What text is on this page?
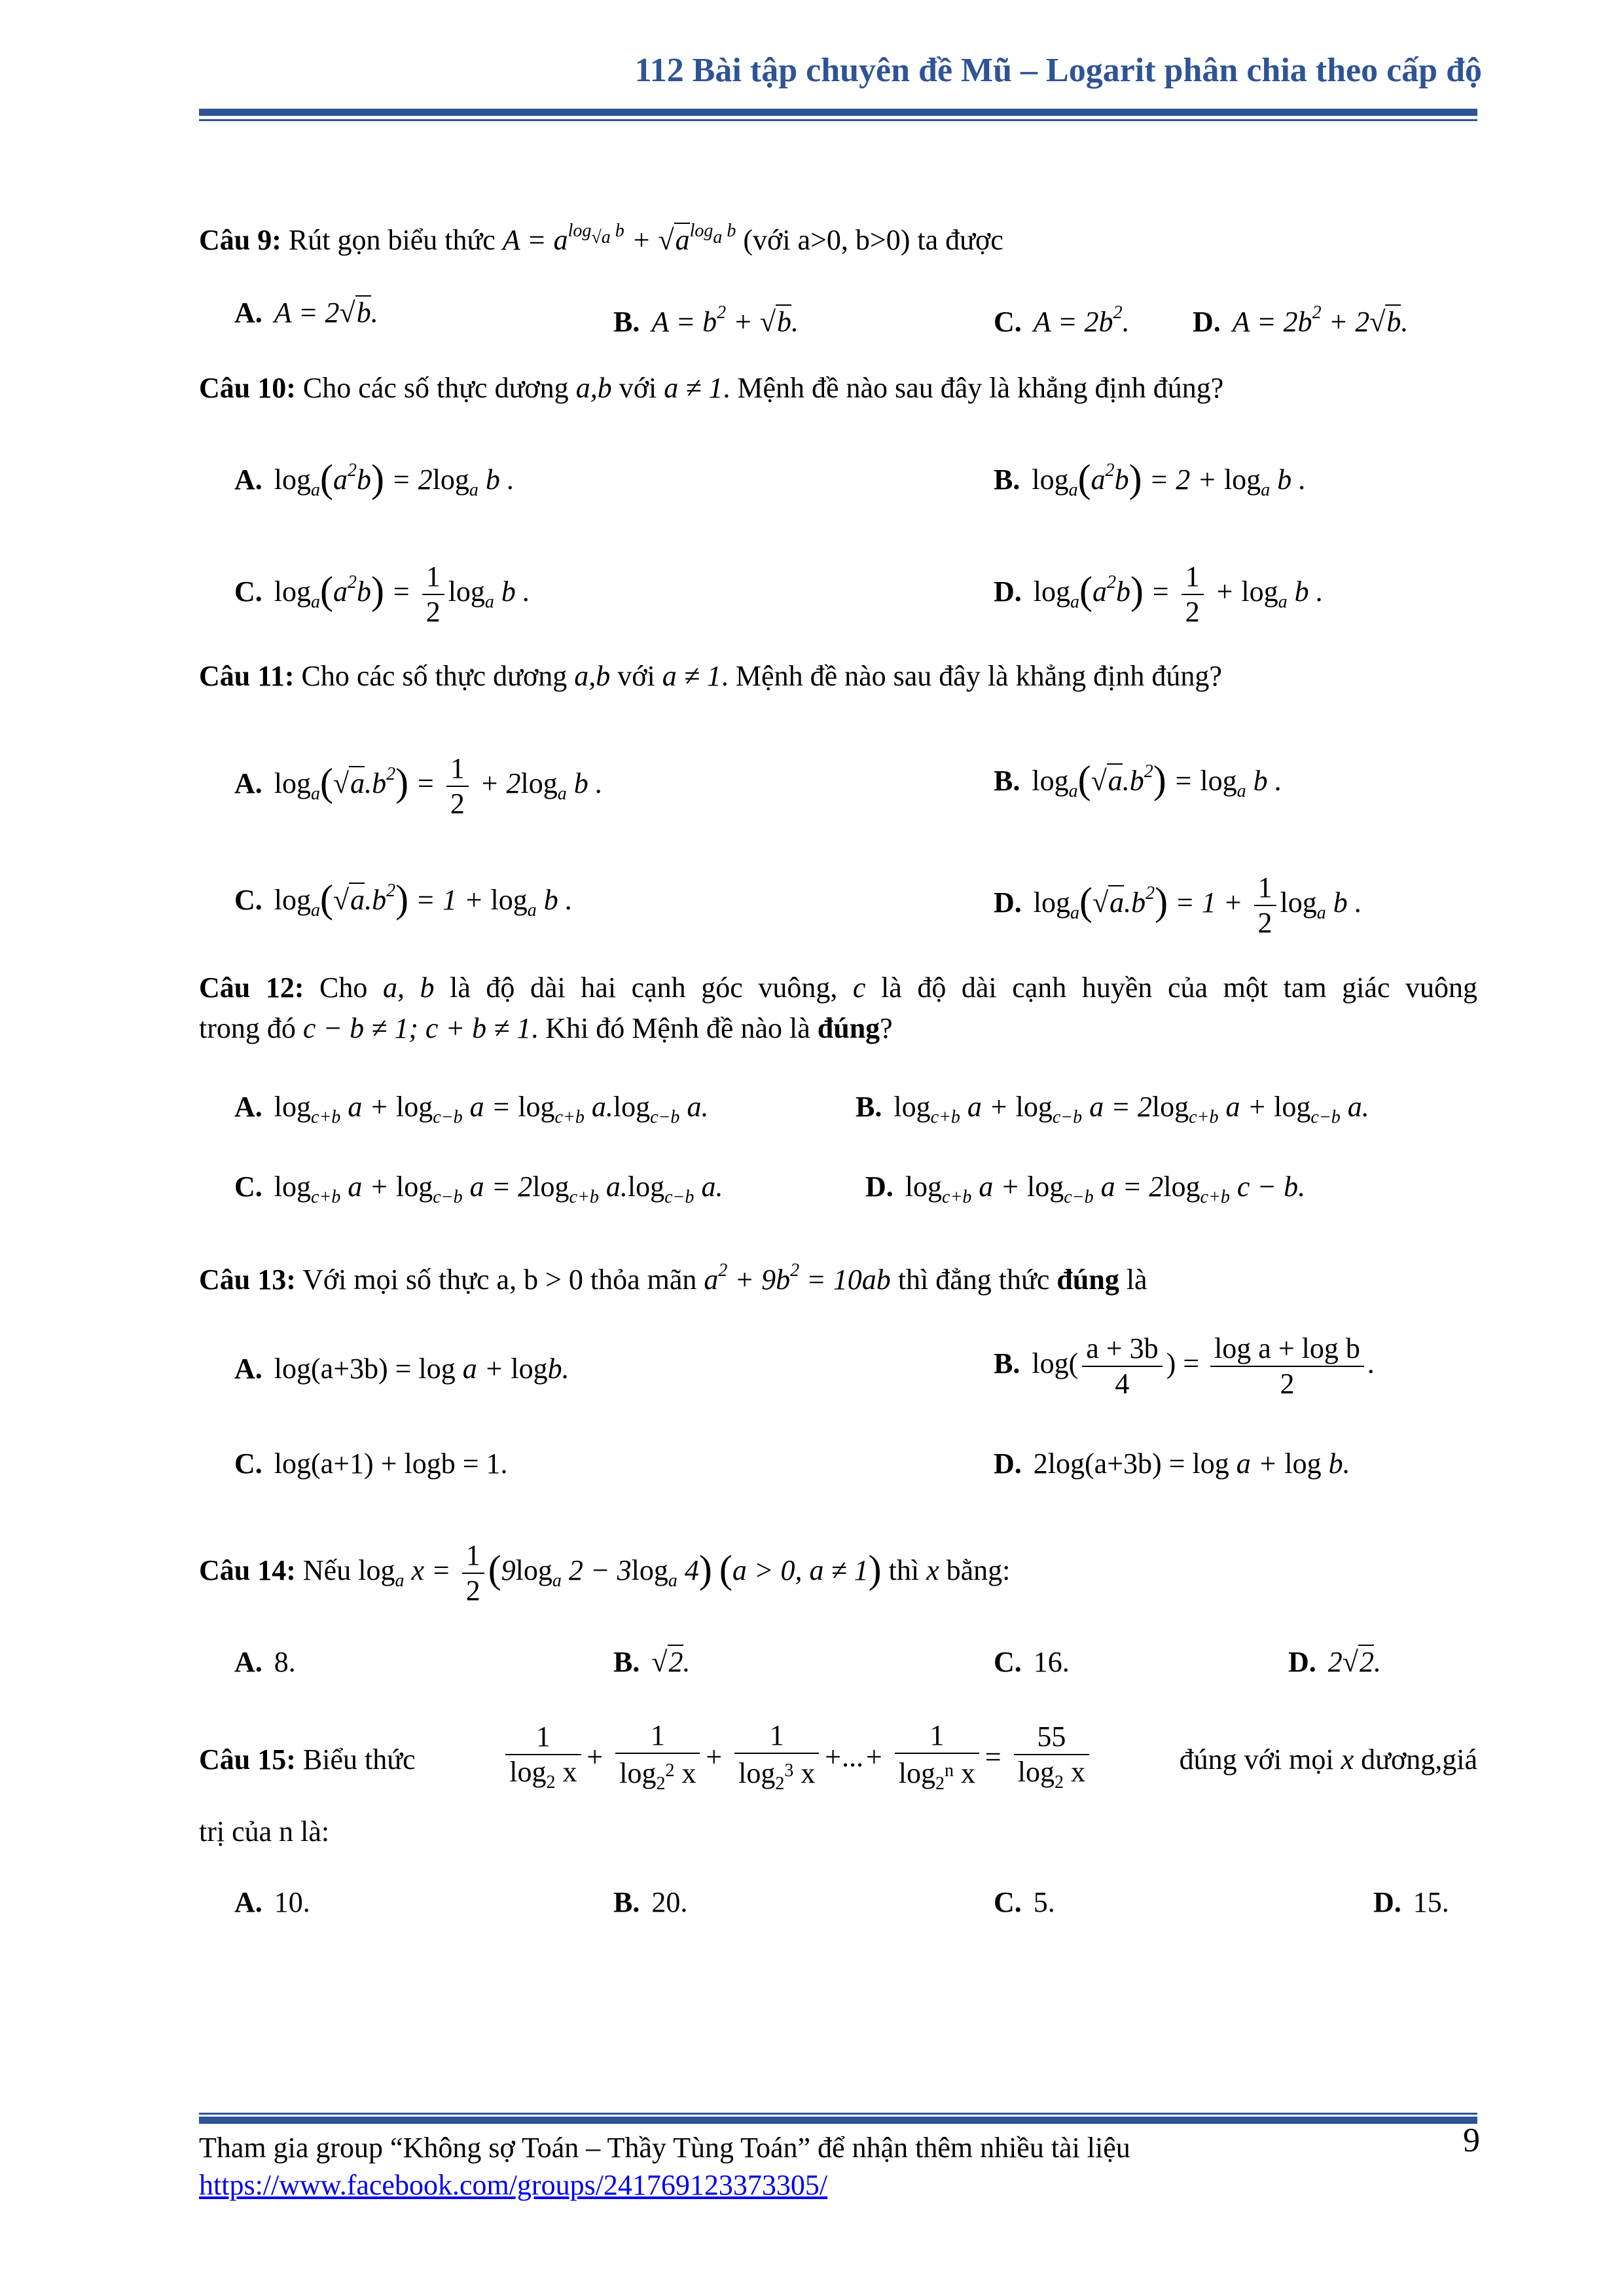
112 Bài tập chuyên đề Mũ – Logarit phân chia theo cấp độ
Câu 9: Rút gọn biểu thức $A = a^{log_{√a} b} + √a^{log_a b}$ (với a>0, b>0) ta được
A. A = 2√b.	B. $A = b^2 + √b$.	C. $A = 2b^2$. D. $A = 2b^2 + 2√b$.
Câu 10: Cho các số thực dương a,b với a ≠ 1. Mệnh đề nào sau đây là khẳng định đúng?
A. $\log_a(a^2b) = 2\log_a$ b .	B. $\log_a(a^2b) = 2 + \log_a b$ .
C. $\log_a(a^2b) = \frac{1}{2} \log_a b$ .	D. $\log_a(a^2b) = \frac{1}{2} + \log_a b$ .
Câu 11: Cho các số thực dương a,b với a ≠ 1. Mệnh đề nào sau đây là khẳng định đúng?
A. $\log_a(√a.b^2) = \frac{1}{2} + 2\log_a$ b .	B. $\log_a(√a.b^2) = \log_a b$ .
C. $\log_a(√a.b^2) = 1 + \log_a b$ .	D. $\log_a(√a.b^2) = 1 + \frac{1}{2} \log_a b$ .
Câu 12: Cho a, b là độ dài hai cạnh góc vuông, c là độ dài cạnh huyền của một tam giác vuông
trong đó c − b ≠ 1; c + b ≠ 1. Khi đó Mệnh đề nào là đúng?
A. $\log_{c+b} a + \log_{c-b} a = \log_{c+b} a.\log_{c-b}$ a.	B. $\log_{c+b} a + \log_{c-b} a = 2\log_{c+b}$ $a + \log_{c-b} a$.
C. $\log_{c+b} a + \log_{c-b} a = 2\log_{c+b}$ $a.\log_{c-b}$ a.	D. $\log_{c+b} a + \log_{c-b} a = 2\log_{c+b}$ c − b.
Câu 13: Với mọi số thực a, b > 0 thỏa mãn $a^2 + 9b^2 = 10ab$ thì đẳng thức đúng là
A. log(a+3b) = log a + logb.	B. $\log( \frac{a + 3b}{4}$ ) = $\frac{\text{log a + log b}}{2}$ .
C. log(a+1) + logb = 1.	D. 2log(a+3b) = log a + log b.
Câu 14: Nếu $\log_a x = \frac{1}{2} (9\log_a$ $2 - 3\log_a$ 4) (a > 0, a ≠ 1) thì x bằng:
A. 8.	B. √2.	C. 16.	D. 2√2.
Câu 15: Biểu thức	$\frac{1}{\log_2 x} + \frac{1}{\log_{2^2} x} + \frac{1}{\log_{2^3} x}$ +...+ $\frac{1}{\log_{2^n} x} = \frac{55}{\log_2 x}$	đúng với mọi x dương,giá
trị của n là:
A. 10.	B. 20.	C. 5.	D. 15.
Tham gia group “Không sợ Toán – Thầy Tùng Toán” để nhận thêm nhiều tài liệu
https://www.facebook.com/groups/241769123373305/
9
